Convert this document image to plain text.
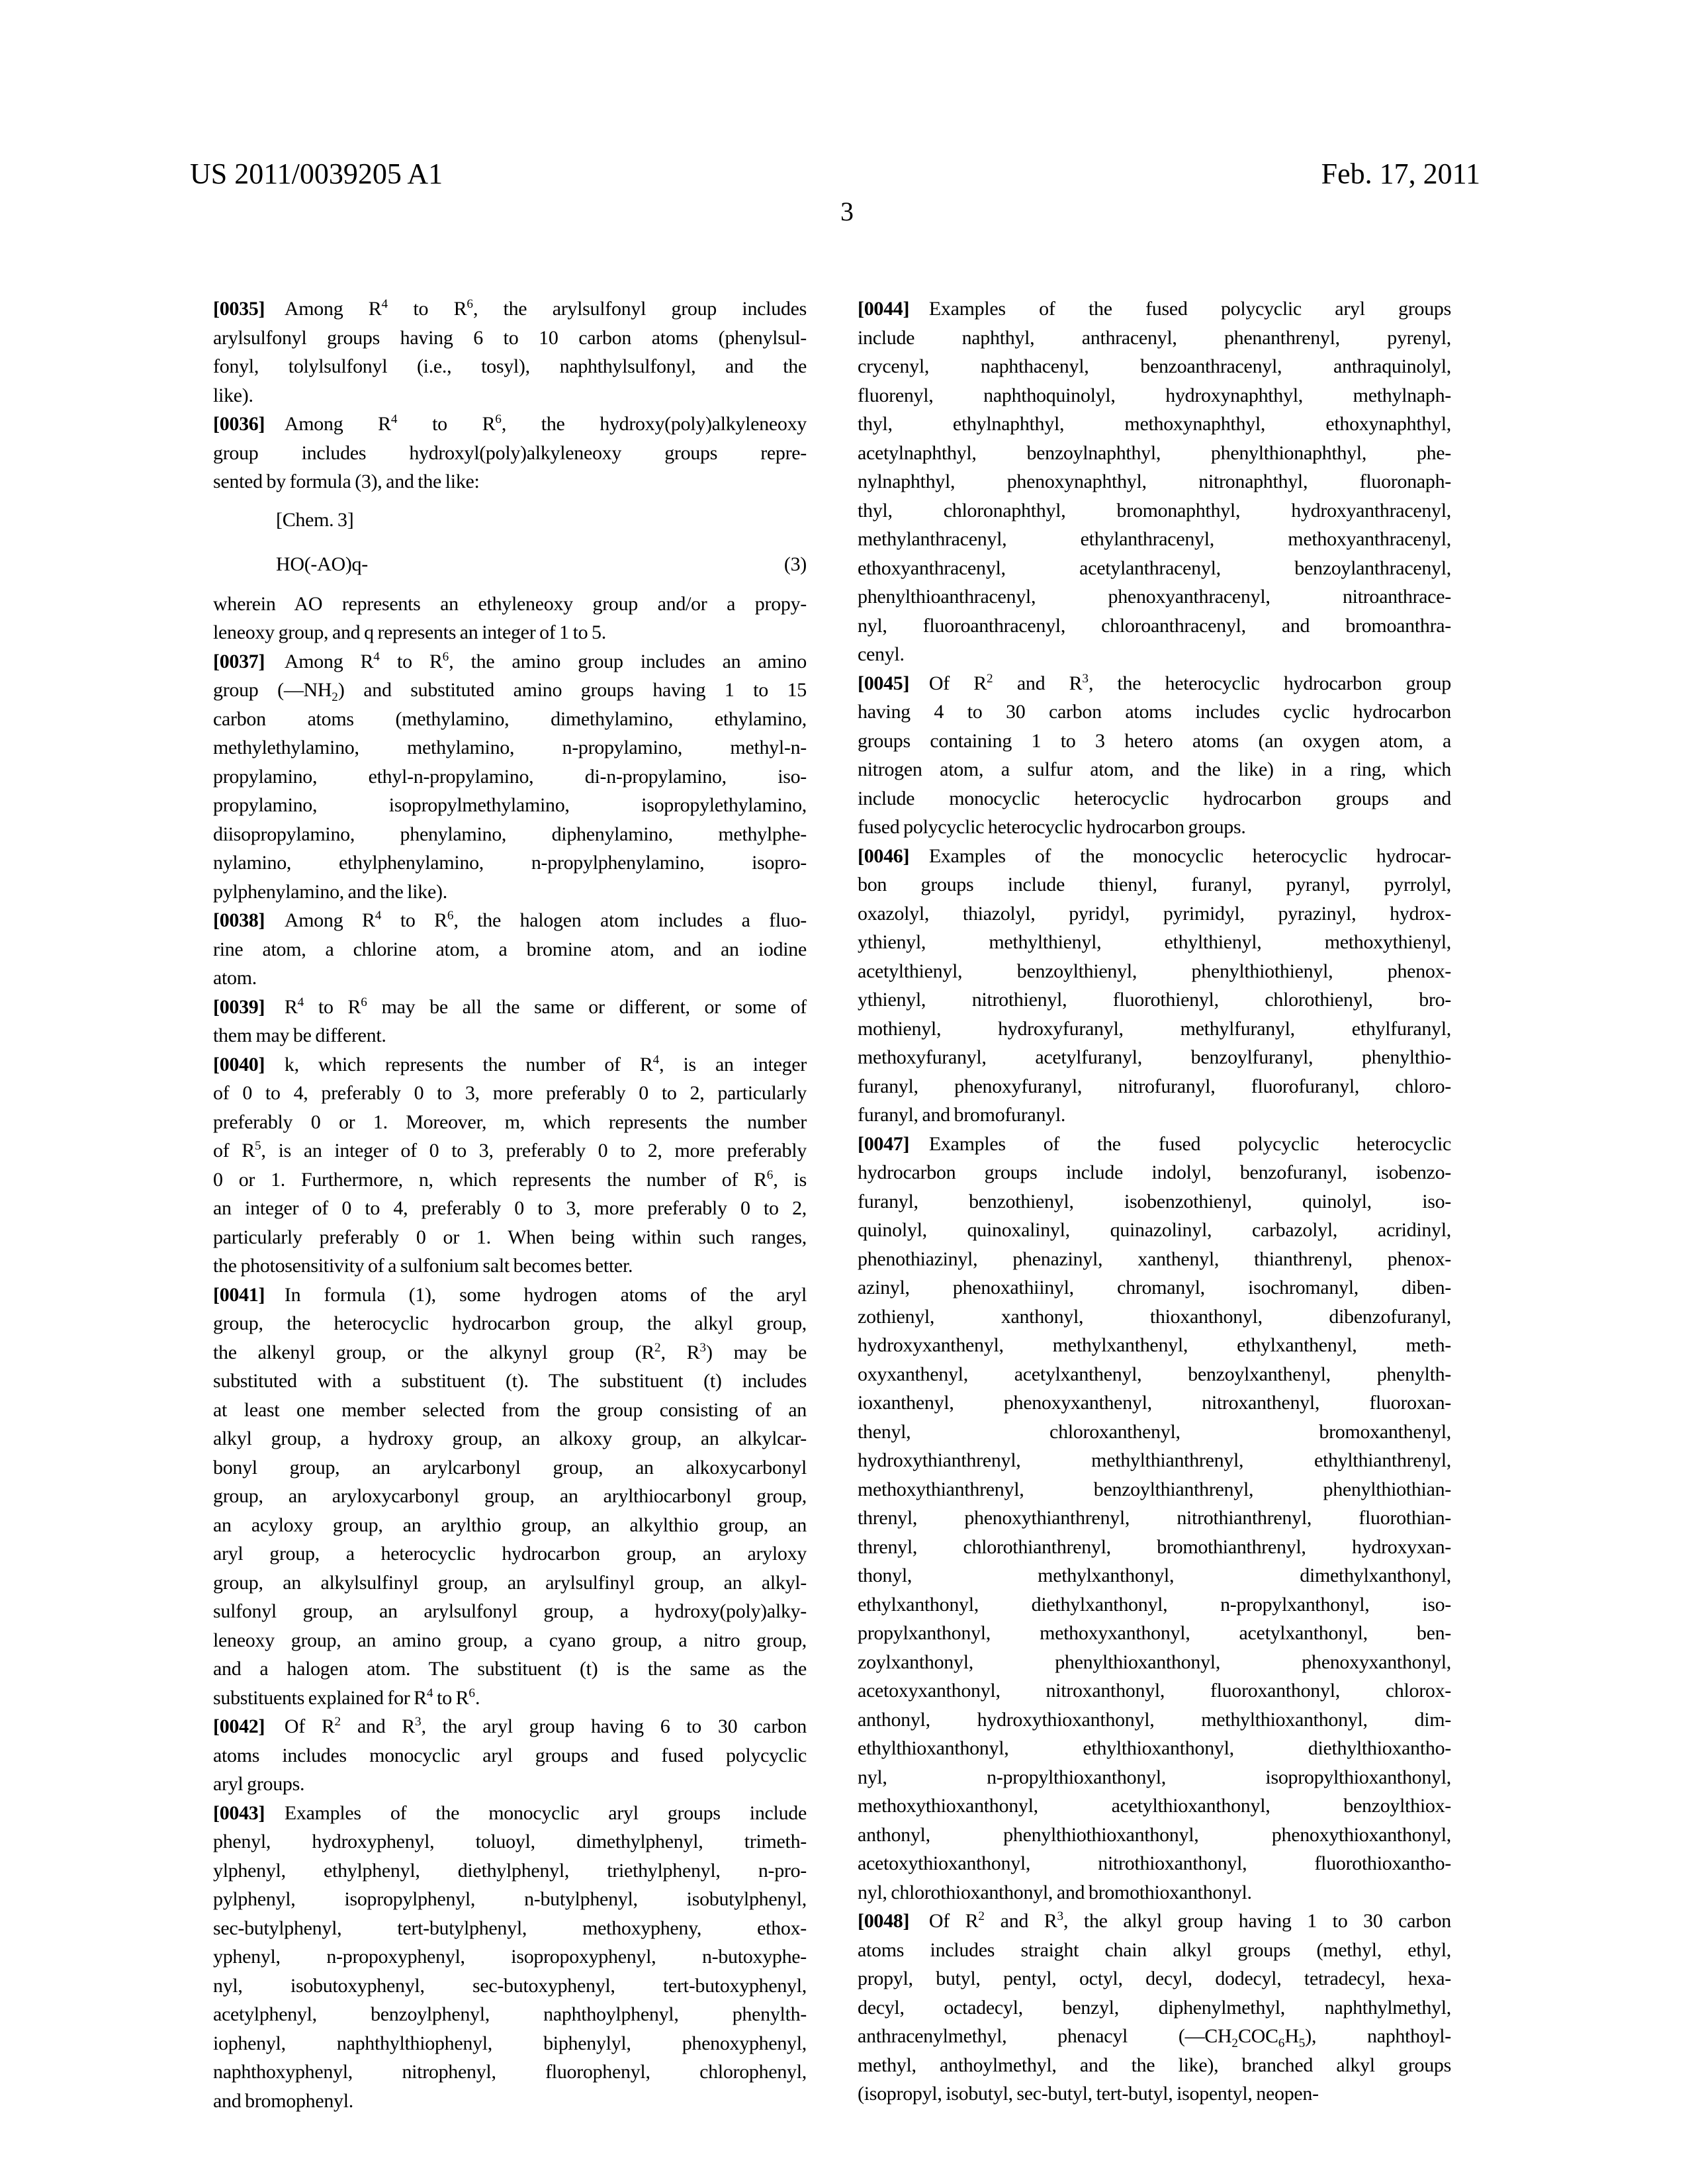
US 2011/0039205 A1	Feb. 17, 2011
3
[0035] Among $R^4$ to $R^6$, the arylsulfonyl group includes
arylsulfonyl groups having 6 to 10 carbon atoms (phenylsul-
fonyl, tolylsulfonyl (i.e., tosyl), naphthylsulfonyl, and the
like).
[0036] Among $R^4$ to $R^6$, the hydroxy(poly)alkyleneoxy
group includes hydroxyl(poly)alkyleneoxy groups repre-
sented by formula (3), and the like:
[Chem. 3]
HO(-AO)q-	(3)
wherein AO represents an ethyleneoxy group and/or a propy-
leneoxy group, and q represents an integer of 1 to 5.
[0037] Among $R^4$ to $R^6$, the amino group includes an amino
group $(—NH_2)$ and substituted amino groups having 1 to 15
carbon atoms (methylamino, dimethylamino, ethylamino,
methylethylamino, methylamino, n-propylamino, methyl-n-
propylamino, ethyl-n-propylamino, di-n-propylamino, iso-
propylamino, isopropylmethylamino, isopropylethylamino,
diisopropylamino, phenylamino, diphenylamino, methylphe-
nylamino, ethylphenylamino, n-propylphenylamino, isopro-
pylphenylamino, and the like).
[0038] Among $R^4$ to $R^6$, the halogen atom includes a fluo-
rine atom, a chlorine atom, a bromine atom, and an iodine
atom.
[0039] $R^4$ to $R^6$ may be all the same or different, or some of
them may be different.
[0040] k, which represents the number of $R^4$, is an integer
of 0 to 4, preferably 0 to 3, more preferably 0 to 2, particularly
preferably 0 or 1. Moreover, m, which represents the number
of $R^5$, is an integer of 0 to 3, preferably 0 to 2, more preferably
0 or 1. Furthermore, n, which represents the number of $R^6$, is
an integer of 0 to 4, preferably 0 to 3, more preferably 0 to 2,
particularly preferably 0 or 1. When being within such ranges,
the photosensitivity of a sulfonium salt becomes better.
[0041] In formula (1), some hydrogen atoms of the aryl
group, the heterocyclic hydrocarbon group, the alkyl group,
the alkenyl group, or the alkynyl group ($R^2$, $R^3$) may be
substituted with a substituent (t). The substituent (t) includes
at least one member selected from the group consisting of an
alkyl group, a hydroxy group, an alkoxy group, an alkylcar-
bonyl group, an arylcarbonyl group, an alkoxycarbonyl
group, an aryloxycarbonyl group, an arylthiocarbonyl group,
an acyloxy group, an arylthio group, an alkylthio group, an
aryl group, a heterocyclic hydrocarbon group, an aryloxy
group, an alkylsulfinyl group, an arylsulfinyl group, an alkyl-
sulfonyl group, an arylsulfonyl group, a hydroxy(poly)alky-
leneoxy group, an amino group, a cyano group, a nitro group,
and a halogen atom. The substituent (t) is the same as the
substituents explained for $R^4$ to $R^6$.
[0042] Of $R^2$ and $R^3$, the aryl group having 6 to 30 carbon
atoms includes monocyclic aryl groups and fused polycyclic
aryl groups.
[0043] Examples of the monocyclic aryl groups include
phenyl, hydroxyphenyl, toluoyl, dimethylphenyl, trimeth-
ylphenyl, ethylphenyl, diethylphenyl, triethylphenyl, n-pro-
pylphenyl, isopropylphenyl, n-butylphenyl, isobutylphenyl,
sec-butylphenyl, tert-butylphenyl, methoxypheny, ethox-
yphenyl, n-propoxyphenyl, isopropoxyphenyl, n-butoxyphe-
nyl, isobutoxyphenyl, sec-butoxyphenyl, tert-butoxyphenyl,
acetylphenyl, benzoylphenyl, naphthoylphenyl, phenylth-
iophenyl, naphthylthiophenyl, biphenylyl, phenoxyphenyl,
naphthoxyphenyl, nitrophenyl, fluorophenyl, chlorophenyl,
and bromophenyl.
[0044] Examples of the fused polycyclic aryl groups
include naphthyl, anthracenyl, phenanthrenyl, pyrenyl,
crycenyl, naphthacenyl, benzoanthracenyl, anthraquinolyl,
fluorenyl, naphthoquinolyl, hydroxynaphthyl, methylnaph-
thyl, ethylnaphthyl, methoxynaphthyl, ethoxynaphthyl,
acetylnaphthyl, benzoylnaphthyl, phenylthionaphthyl, phe-
nylnaphthyl, phenoxynaphthyl, nitronaphthyl, fluoronaph-
thyl, chloronaphthyl, bromonaphthyl, hydroxyanthracenyl,
methylanthracenyl, ethylanthracenyl, methoxyanthracenyl,
ethoxyanthracenyl, acetylanthracenyl, benzoylanthracenyl,
phenylthioanthracenyl, phenoxyanthracenyl, nitroanthrace-
nyl, fluoroanthracenyl, chloroanthracenyl, and bromoanthra-
cenyl.
[0045] Of $R^2$ and $R^3$, the heterocyclic hydrocarbon group
having 4 to 30 carbon atoms includes cyclic hydrocarbon
groups containing 1 to 3 hetero atoms (an oxygen atom, a
nitrogen atom, a sulfur atom, and the like) in a ring, which
include monocyclic heterocyclic hydrocarbon groups and
fused polycyclic heterocyclic hydrocarbon groups.
[0046] Examples of the monocyclic heterocyclic hydrocar-
bon groups include thienyl, furanyl, pyranyl, pyrrolyl,
oxazolyl, thiazolyl, pyridyl, pyrimidyl, pyrazinyl, hydrox-
ythienyl, methylthienyl, ethylthienyl, methoxythienyl,
acetylthienyl, benzoylthienyl, phenylthiothienyl, phenox-
ythienyl, nitrothienyl, fluorothienyl, chlorothienyl, bro-
mothienyl, hydroxyfuranyl, methylfuranyl, ethylfuranyl,
methoxyfuranyl, acetylfuranyl, benzoylfuranyl, phenylthio-
furanyl, phenoxyfuranyl, nitrofuranyl, fluorofuranyl, chloro-
furanyl, and bromofuranyl.
[0047] Examples of the fused polycyclic heterocyclic
hydrocarbon groups include indolyl, benzofuranyl, isobenzo-
furanyl, benzothienyl, isobenzothienyl, quinolyl, iso-
quinolyl, quinoxalinyl, quinazolinyl, carbazolyl, acridinyl,
phenothiazinyl, phenazinyl, xanthenyl, thianthrenyl, phenox-
azinyl, phenoxathiinyl, chromanyl, isochromanyl, diben-
zothienyl, xanthonyl, thioxanthonyl, dibenzofuranyl,
hydroxyxanthenyl, methylxanthenyl, ethylxanthenyl, meth-
oxyxanthenyl, acetylxanthenyl, benzoylxanthenyl, phenylth-
ioxanthenyl, phenoxyxanthenyl, nitroxanthenyl, fluoroxan-
thenyl, chloroxanthenyl, bromoxanthenyl,
hydroxythianthrenyl, methylthianthrenyl, ethylthianthrenyl,
methoxythianthrenyl, benzoylthianthrenyl, phenylthiothian-
threnyl, phenoxythianthrenyl, nitrothianthrenyl, fluorothian-
threnyl, chlorothianthrenyl, bromothianthrenyl, hydroxyxan-
thonyl, methylxanthonyl, dimethylxanthonyl,
ethylxanthonyl, diethylxanthonyl, n-propylxanthonyl, iso-
propylxanthonyl, methoxyxanthonyl, acetylxanthonyl, ben-
zoylxanthonyl, phenylthioxanthonyl, phenoxyxanthonyl,
acetoxyxanthonyl, nitroxanthonyl, fluoroxanthonyl, chlorox-
anthonyl, hydroxythioxanthonyl, methylthioxanthonyl, dim-
ethylthioxanthonyl, ethylthioxanthonyl, diethylthioxantho-
nyl, n-propylthioxanthonyl, isopropylthioxanthonyl,
methoxythioxanthonyl, acetylthioxanthonyl, benzoylthiox-
anthonyl, phenylthiothioxanthonyl, phenoxythioxanthonyl,
acetoxythioxanthonyl, nitrothioxanthonyl, fluorothioxantho-
nyl, chlorothioxanthonyl, and bromothioxanthonyl.
[0048] Of $R^2$ and $R^3$, the alkyl group having 1 to 30 carbon
atoms includes straight chain alkyl groups (methyl, ethyl,
propyl, butyl, pentyl, octyl, decyl, dodecyl, tetradecyl, hexa-
decyl, octadecyl, benzyl, diphenylmethyl, naphthylmethyl,
anthracenylmethyl, phenacyl $(—CH_2COC_6H_5)$, naphthoyl-
methyl, anthoylmethyl, and the like), branched alkyl groups
(isopropyl, isobutyl, sec-butyl, tert-butyl, isopentyl, neopen-
